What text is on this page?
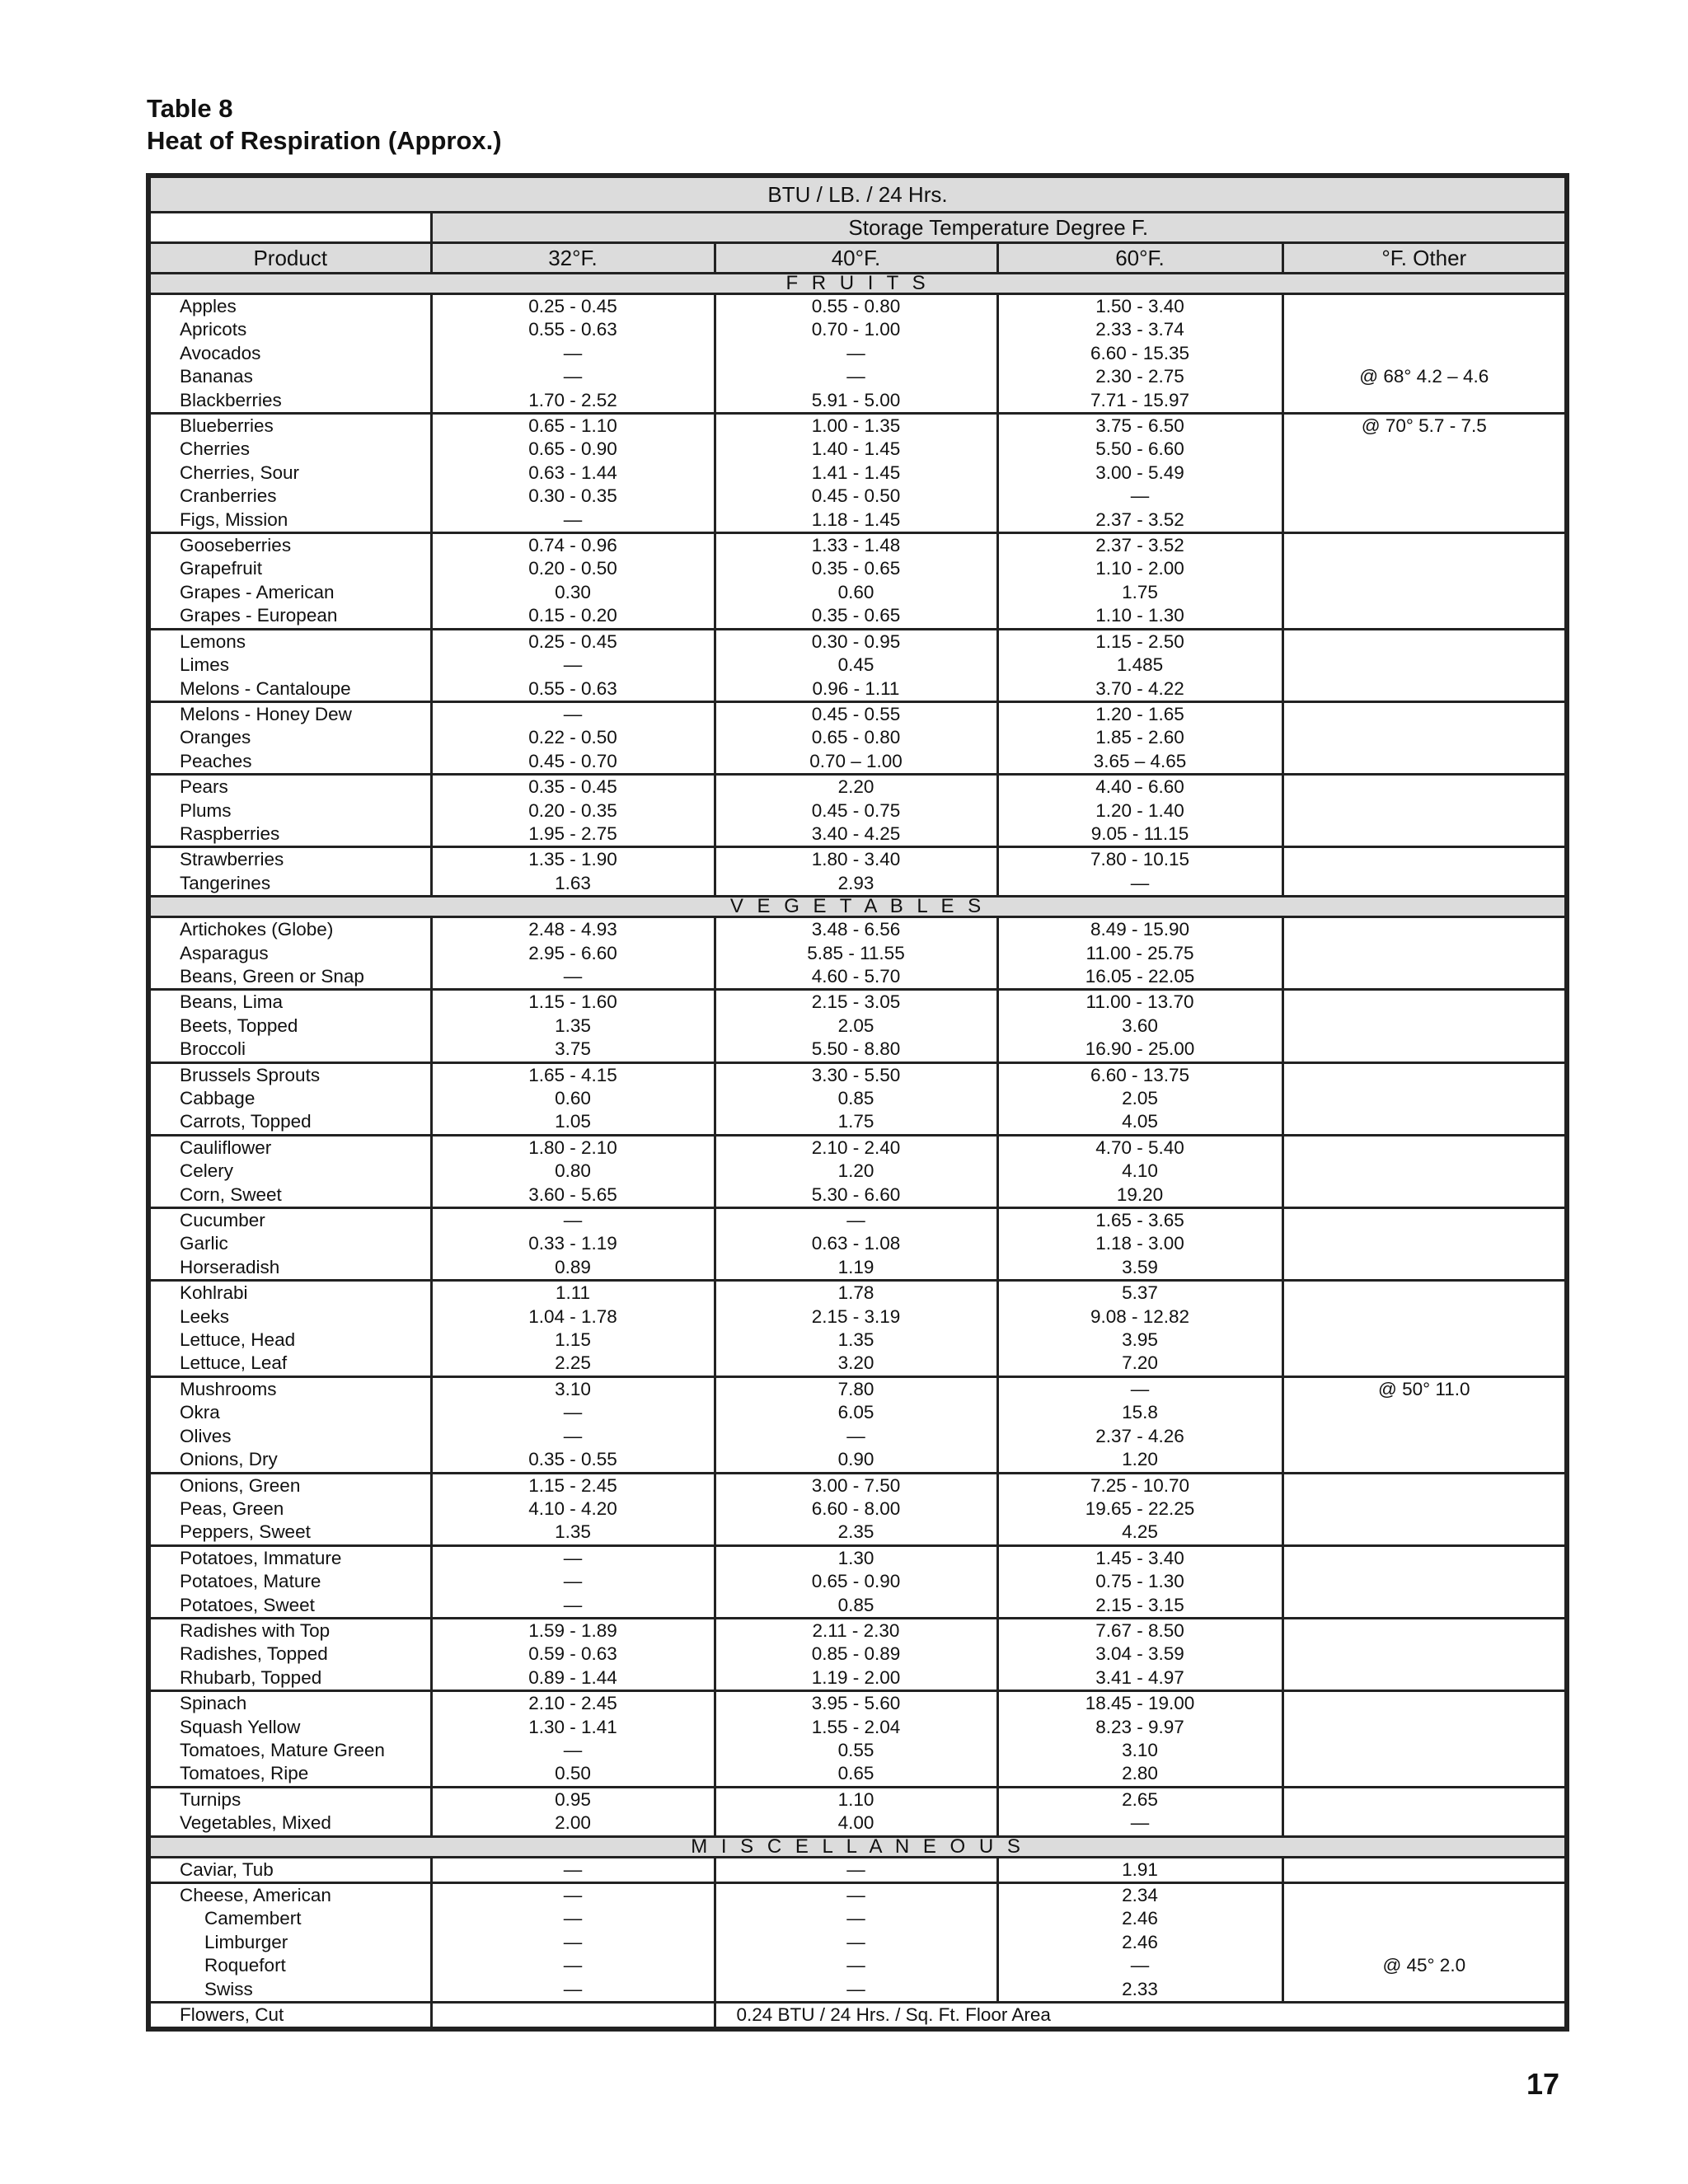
Table 8
Heat of Respiration (Approx.)
BTU / LB. / 24 Hrs.				
	Storage Temperature Degree F.			
Product	32°F.	40°F.	60°F.	°F. Other
F R U I T S				
Apples	0.25 - 0.45	0.55 - 0.80	1.50 - 3.40	
Apricots	0.55 - 0.63	0.70 - 1.00	2.33 - 3.74	
Avocados	—	—	6.60 - 15.35	
Bananas	—	—	2.30 - 2.75	@ 68° 4.2 – 4.6
Blackberries	1.70 - 2.52	5.91 - 5.00	7.71 - 15.97	
Blueberries	0.65 - 1.10	1.00 - 1.35	3.75 - 6.50	@ 70° 5.7 - 7.5
Cherries	0.65 - 0.90	1.40 - 1.45	5.50 - 6.60	
Cherries, Sour	0.63 - 1.44	1.41 - 1.45	3.00 - 5.49	
Cranberries	0.30 - 0.35	0.45 - 0.50	—	
Figs, Mission	—	1.18 - 1.45	2.37 - 3.52	
Gooseberries	0.74 - 0.96	1.33 - 1.48	2.37 - 3.52	
Grapefruit	0.20 - 0.50	0.35 - 0.65	1.10 - 2.00	
Grapes - American	0.30	0.60	1.75	
Grapes - European	0.15 - 0.20	0.35 - 0.65	1.10 - 1.30	
Lemons	0.25 - 0.45	0.30 - 0.95	1.15 - 2.50	
Limes	—	0.45	1.485	
Melons - Cantaloupe	0.55 - 0.63	0.96 - 1.11	3.70 - 4.22	
Melons - Honey Dew	—	0.45 - 0.55	1.20 - 1.65	
Oranges	0.22 - 0.50	0.65 - 0.80	1.85 - 2.60	
Peaches	0.45 - 0.70	0.70 – 1.00	3.65 – 4.65	
Pears	0.35 - 0.45	2.20	4.40 - 6.60	
Plums	0.20 - 0.35	0.45 - 0.75	1.20 - 1.40	
Raspberries	1.95 - 2.75	3.40 - 4.25	9.05 - 11.15	
Strawberries	1.35 - 1.90	1.80 - 3.40	7.80 - 10.15	
Tangerines	1.63	2.93	—	
V E G E T A B L E S				
Artichokes (Globe)	2.48 - 4.93	3.48 - 6.56	8.49 - 15.90	
Asparagus	2.95 - 6.60	5.85 - 11.55	11.00 - 25.75	
Beans, Green or Snap	—	4.60 - 5.70	16.05 - 22.05	
Beans, Lima	1.15 - 1.60	2.15 - 3.05	11.00 - 13.70	
Beets, Topped	1.35	2.05	3.60	
Broccoli	3.75	5.50 - 8.80	16.90 - 25.00	
Brussels Sprouts	1.65 - 4.15	3.30 - 5.50	6.60 - 13.75	
Cabbage	0.60	0.85	2.05	
Carrots, Topped	1.05	1.75	4.05	
Cauliflower	1.80 - 2.10	2.10 - 2.40	4.70 - 5.40	
Celery	0.80	1.20	4.10	
Corn, Sweet	3.60 - 5.65	5.30 - 6.60	19.20	
Cucumber	—	—	1.65 - 3.65	
Garlic	0.33 - 1.19	0.63 - 1.08	1.18 - 3.00	
Horseradish	0.89	1.19	3.59	
Kohlrabi	1.11	1.78	5.37	
Leeks	1.04 - 1.78	2.15 - 3.19	9.08 - 12.82	
Lettuce, Head	1.15	1.35	3.95	
Lettuce, Leaf	2.25	3.20	7.20	
Mushrooms	3.10	7.80	—	@ 50° 11.0
Okra	—	6.05	15.8	
Olives	—	—	2.37 - 4.26	
Onions, Dry	0.35 - 0.55	0.90	1.20	
Onions, Green	1.15 - 2.45	3.00 - 7.50	7.25 - 10.70	
Peas, Green	4.10 - 4.20	6.60 - 8.00	19.65 - 22.25	
Peppers, Sweet	1.35	2.35	4.25	
Potatoes, Immature	—	1.30	1.45 - 3.40	
Potatoes, Mature	—	0.65 - 0.90	0.75 - 1.30	
Potatoes, Sweet	—	0.85	2.15 - 3.15	
Radishes with Top	1.59 - 1.89	2.11 - 2.30	7.67 - 8.50	
Radishes, Topped	0.59 - 0.63	0.85 - 0.89	3.04 - 3.59	
Rhubarb, Topped	0.89 - 1.44	1.19 - 2.00	3.41 - 4.97	
Spinach	2.10 - 2.45	3.95 - 5.60	18.45 - 19.00	
Squash Yellow	1.30 - 1.41	1.55 - 2.04	8.23 - 9.97	
Tomatoes, Mature Green	—	0.55	3.10	
Tomatoes, Ripe	0.50	0.65	2.80	
Turnips	0.95	1.10	2.65	
Vegetables, Mixed	2.00	4.00	—	
M I S C E L L A N E O U S				
Caviar, Tub	—	—	1.91	
Cheese, American	—	—	2.34	
Camembert	—	—	2.46	
Limburger	—	—	2.46	
Roquefort	—	—	—	@ 45° 2.0
Swiss	—	—	2.33	
Flowers, Cut		0.24 BTU / 24 Hrs. / Sq. Ft. Floor Area		
17
